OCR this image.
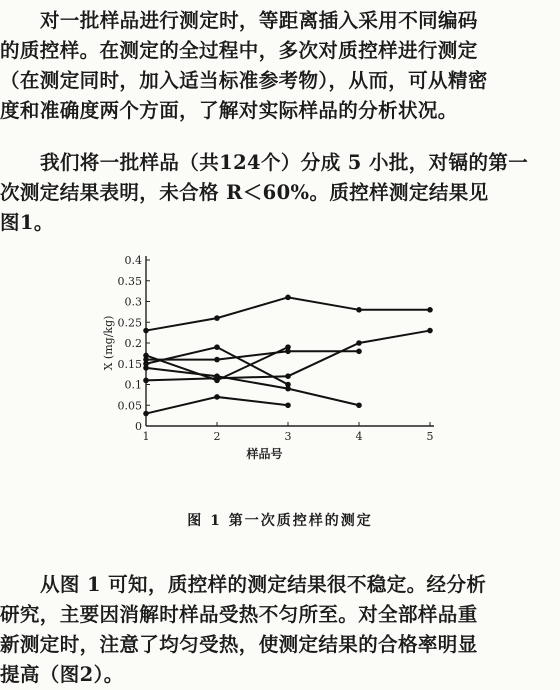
对一批样品进行测定时，等距离插入采用不同编码
的质控样。在测定的全过程中，多次对质控样进行测定
（在测定同时，加入适当标准参考物），从而，可从精密
度和准确度两个方面，了解对实际样品的分析状况。
我们将一批样品（共124个）分成 5 小批，对镉的第一
次测定结果表明，未合格 R＜60%。质控样测定结果见
图1。
0
0.05
0.1
0.15
0.2
0.25
0.3
0.35
0.4
1	2	3	4	5
样品号
X (mg/kg)
图 1 第一次质控样的测定
从图 1 可知，质控样的测定结果很不稳定。经分析
研究，主要因消解时样品受热不匀所至。对全部样品重
新测定时，注意了均匀受热，使测定结果的合格率明显
提高（图2）。
